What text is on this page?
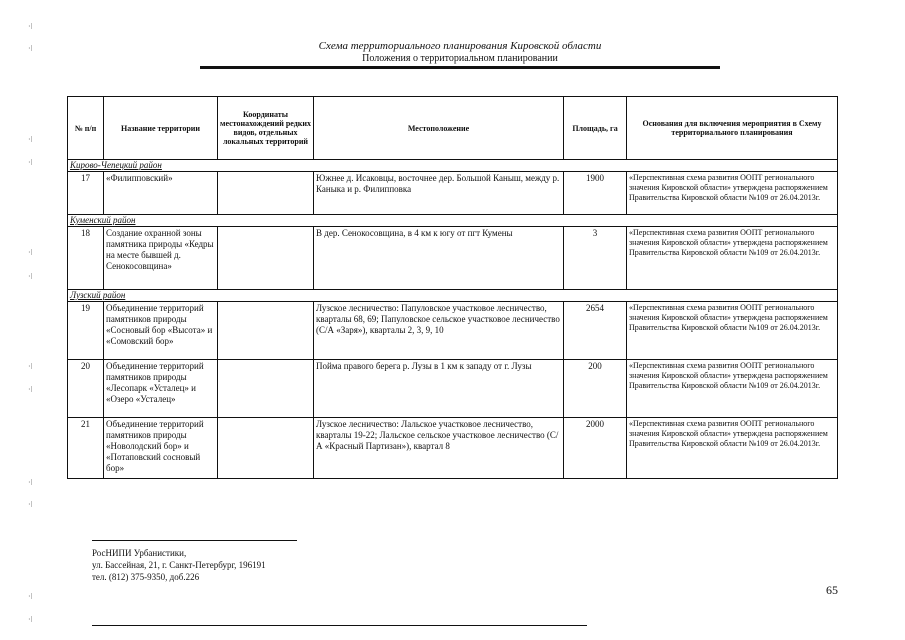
·ǀ
·ǀ
·ǀ
·ǀ
·ǀ
·ǀ
·ǀ
·ǀ
·ǀ
·ǀ
·ǀ
·ǀ
Схема территориального планирования Кировской области
Положения о территориальном планировании
№ п/п	Название территории	Координаты местонахождений редких видов, отдельных локальных территорий	Местоположение	Площадь, га	Основания для включения мероприятия в Схему территориального планирования
Кирово-Чепецкий район					
17	«Филипповский»		Южнее д. Исаковцы, восточнее дер. Большой Каныш, между р. Каныка и р. Филипповка	1900	«Перспективная схема развития ООПТ регионального значения Кировской области» утверждена распоряжением Правительства Кировской области №109 от 26.04.2013г.
Куменский район					
18	Создание охранной зоны памятника природы «Кедры на месте бывшей д. Сенокосовщина»		В дер. Сенокосовщина, в 4 км к югу от пгт Кумены	3	«Перспективная схема развития ООПТ регионального значения Кировской области» утверждена распоряжением Правительства Кировской области №109 от 26.04.2013г.
Лузский район					
19	Объединение территорий памятников природы «Сосновый бор «Высота» и «Сомовский бор»		Лузское лесничество: Папуловское участковое лесничество, кварталы 68, 69; Папуловское сельское участковое лесничество (С/А «Заря»), кварталы 2, 3, 9, 10	2654	«Перспективная схема развития ООПТ регионального значения Кировской области» утверждена распоряжением Правительства Кировской области №109 от 26.04.2013г.
20	Объединение территорий памятников природы «Лесопарк «Усталец» и «Озеро «Усталец»		Пойма правого берега р. Лузы в 1 км к западу от г. Лузы	200	«Перспективная схема развития ООПТ регионального значения Кировской области» утверждена распоряжением Правительства Кировской области №109 от 26.04.2013г.
21	Объединение территорий памятников природы «Новолодский бор» и «Потаповский сосновый бор»		Лузское лесничество: Лальское участковое лесничество, кварталы 19-22; Лальское сельское участковое лесничество (С/А «Красный Партизан»), квартал 8	2000	«Перспективная схема развития ООПТ регионального значения Кировской области» утверждена распоряжением Правительства Кировской области №109 от 26.04.2013г.
РосНИПИ Урбанистики,
ул. Бассейная, 21, г. Санкт-Петербург, 196191
тел. (812) 375-9350, доб.226
65
